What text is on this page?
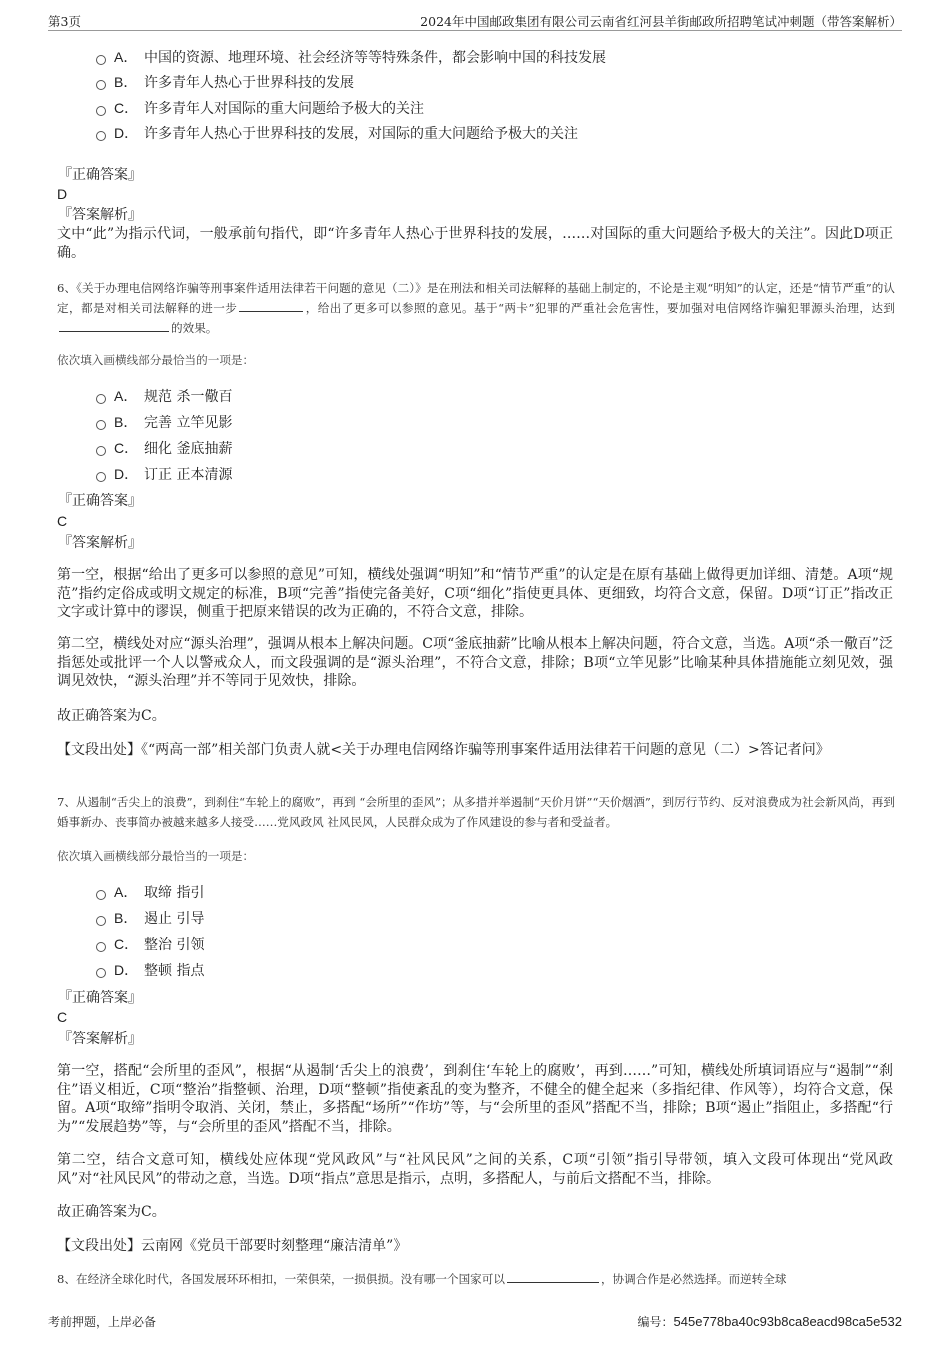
第3页	2024年中国邮政集团有限公司云南省红河县羊街邮政所招聘笔试冲刺题（带答案解析）
A． 中国的资源、地理环境、社会经济等等特殊条件，都会影响中国的科技发展
B． 许多青年人热心于世界科技的发展
C． 许多青年人对国际的重大问题给予极大的关注
D． 许多青年人热心于世界科技的发展，对国际的重大问题给予极大的关注
『正确答案』
D
『答案解析』
文中“此”为指示代词，一般承前句指代，即“许多青年人热心于世界科技的发展，……对国际的重大问题给予极大的关注”。因此D项正确。
6、《关于办理电信网络诈骗等刑事案件适用法律若干问题的意见（二）》是在刑法和相关司法解释的基础上制定的，不论是主观“明知”的认定，还是“情节严重”的认定，都是对相关司法解释的进一步	，给出了更多可以参照的意见。基于“两卡”犯罪的严重社会危害性，要加强对电信网络诈骗犯罪源头治理，达到的效果。
依次填入画横线部分最恰当的一项是：
A． 规范 杀一儆百
B． 完善 立竿见影
C． 细化 釜底抽薪
D． 订正 正本清源
『正确答案』
C
『答案解析』
第一空，根据“给出了更多可以参照的意见”可知，横线处强调“明知”和“情节严重”的认定是在原有基础上做得更加详细、清楚。A项“规范”指约定俗成或明文规定的标准，B项“完善”指使完备美好，C项“细化”指使更具体、更细致，均符合文意，保留。D项“订正”指改正文字或计算中的谬误，侧重于把原来错误的改为正确的，不符合文意，排除。
第二空，横线处对应“源头治理”，强调从根本上解决问题。C项“釜底抽薪”比喻从根本上解决问题，符合文意，当选。A项“杀一儆百”泛指惩处或批评一个人以警戒众人，而文段强调的是“源头治理”，不符合文意，排除；B项“立竿见影”比喻某种具体措施能立刻见效，强调见效快，“源头治理”并不等同于见效快，排除。
故正确答案为C。
【文段出处】《“两高一部”相关部门负责人就<关于办理电信网络诈骗等刑事案件适用法律若干问题的意见（二）>答记者问》
7、从遏制“舌尖上的浪费”，到刹住“车轮上的腐败”，再到 “会所里的歪风”；从多措并举遏制“天价月饼”“天价烟酒”，到厉行节约、反对浪费成为社会新风尚，再到婚事新办、丧事简办被越来越多人接受……党风政风 社风民风，人民群众成为了作风建设的参与者和受益者。
依次填入画横线部分最恰当的一项是：
A． 取缔 指引
B． 遏止 引导
C． 整治 引领
D． 整顿 指点
『正确答案』
C
『答案解析』
第一空，搭配“会所里的歪风”，根据“从遏制‘舌尖上的浪费’，到刹住‘车轮上的腐败’，再到……”可知，横线处所填词语应与“遏制”“刹住”语义相近，C项“整治”指整顿、治理，D项“整顿”指使紊乱的变为整齐，不健全的健全起来（多指纪律、作风等），均符合文意，保留。A项“取缔”指明令取消、关闭，禁止，多搭配“场所”“作坊”等，与“会所里的歪风”搭配不当，排除；B项“遏止”指阻止，多搭配“行为”“发展趋势”等，与“会所里的歪风”搭配不当，排除。
第二空，结合文意可知，横线处应体现“党风政风”与“社风民风”之间的关系，C项“引领”指引导带领，填入文段可体现出“党风政风”对“社风民风”的带动之意，当选。D项“指点”意思是指示，点明，多搭配人，与前后文搭配不当，排除。
故正确答案为C。
【文段出处】云南网《党员干部要时刻整理“廉洁清单”》
8、在经济全球化时代，各国发展环环相扣，一荣俱荣，一损俱损。没有哪一个国家可以	，协调合作是必然选择。而逆转全球
考前押题，上岸必备	编号：545e778ba40c93b8ca8eacd98ca5e532
